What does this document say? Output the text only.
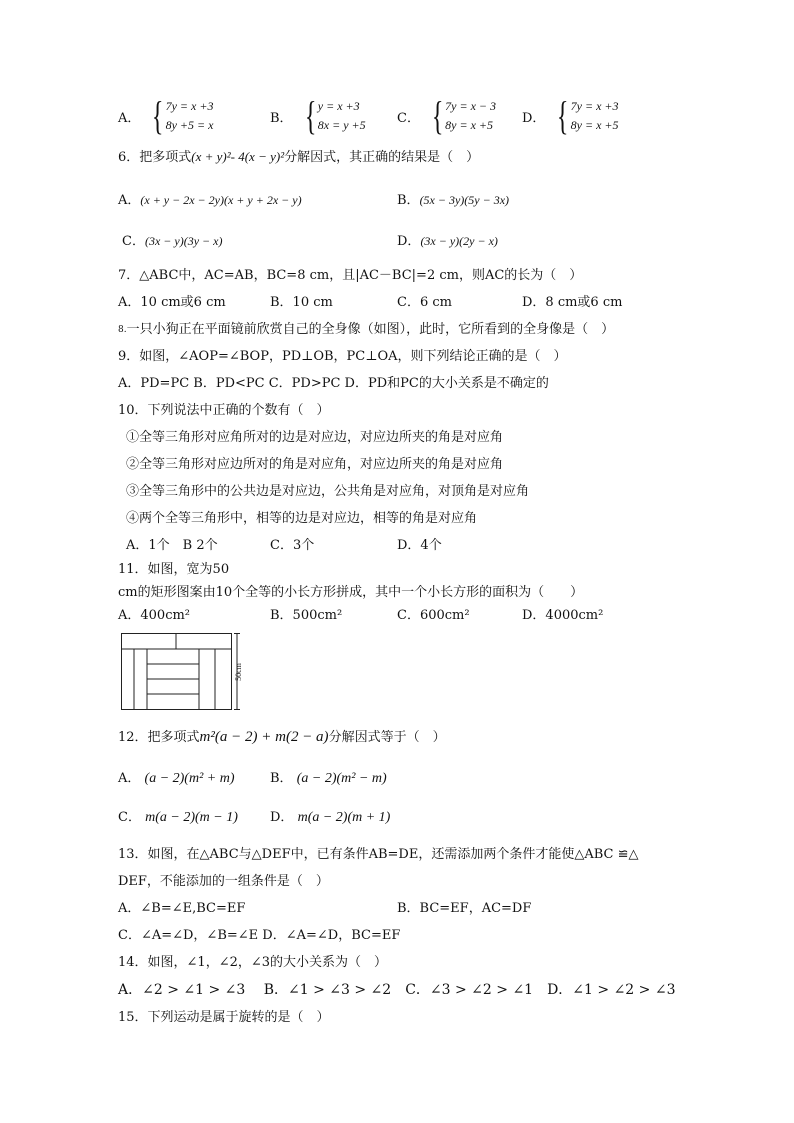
A． { 7y = x +3
8y +5 = x	B． { y = x +3
8x = y +5 C． { 7y = x − 3
8y = x +5 D． { 7y = x +3
8y = x +5
6．把多项式(x + y)²- 4(x − y)²分解因式，其正确的结果是（　）
A．(x + y − 2x − 2y)(x + y + 2x − y)	B．(5x − 3y)(5y − 3x)
C．(3x − y)(3y − x)	D．(3x − y)(2y − x)
7．△ABC中，AC=AB，BC=8 cm，且|AC－BC|=2 cm，则AC的长为（　）
A．10 cm或6 cm	B．10 cm	C．6 cm	D．8 cm或6 cm
$^{8.}$一只小狗正在平面镜前欣赏自己的全身像（如图），此时，它所看到的全身像是（　）
9．如图，∠AOP=∠BOP，PD⊥OB，PC⊥OA，则下列结论正确的是（　）
A．PD=PC B．PD<PC C．PD>PC D．PD和PC的大小关系是不确定的
10．下列说法中正确的个数有（　）
①全等三角形对应角所对的边是对应边，对应边所夹的角是对应角
②全等三角形对应边所对的角是对应角，对应边所夹的角是对应角
③全等三角形中的公共边是对应边，公共角是对应角，对顶角是对应角
④两个全等三角形中，相等的边是对应边，相等的角是对应角
A．1个　B 2个	C．3个	D．4个
11．如图，宽为50
cm的矩形图案由10个全等的小长方形拼成，其中一个小长方形的面积为（　　）
A．400cm²	B．500cm²	C．600cm²	D．4000cm²
50cm
12．把多项式m²(a − 2) + m(2 − a)分解因式等于（　）
A． (a − 2)(m² + m)	B． (a − 2)(m² − m)
C． m(a − 2)(m − 1) D． m(a − 2)(m + 1)
13．如图，在△ABC与△DEF中，已有条件AB=DE，还需添加两个条件才能使△ABC ≌△
DEF，不能添加的一组条件是（　）
A．∠B=∠E,BC=EF	B．BC=EF，AC=DF
C．∠A=∠D，∠B=∠E D．∠A=∠D，BC=EF
14．如图，∠1，∠2，∠3的大小关系为（　）
A．∠2 > ∠1 > ∠3　 B．∠1 > ∠3 > ∠2　C．∠3 > ∠2 > ∠1　D．∠1 > ∠2 > ∠3
15．下列运动是属于旋转的是（　）
